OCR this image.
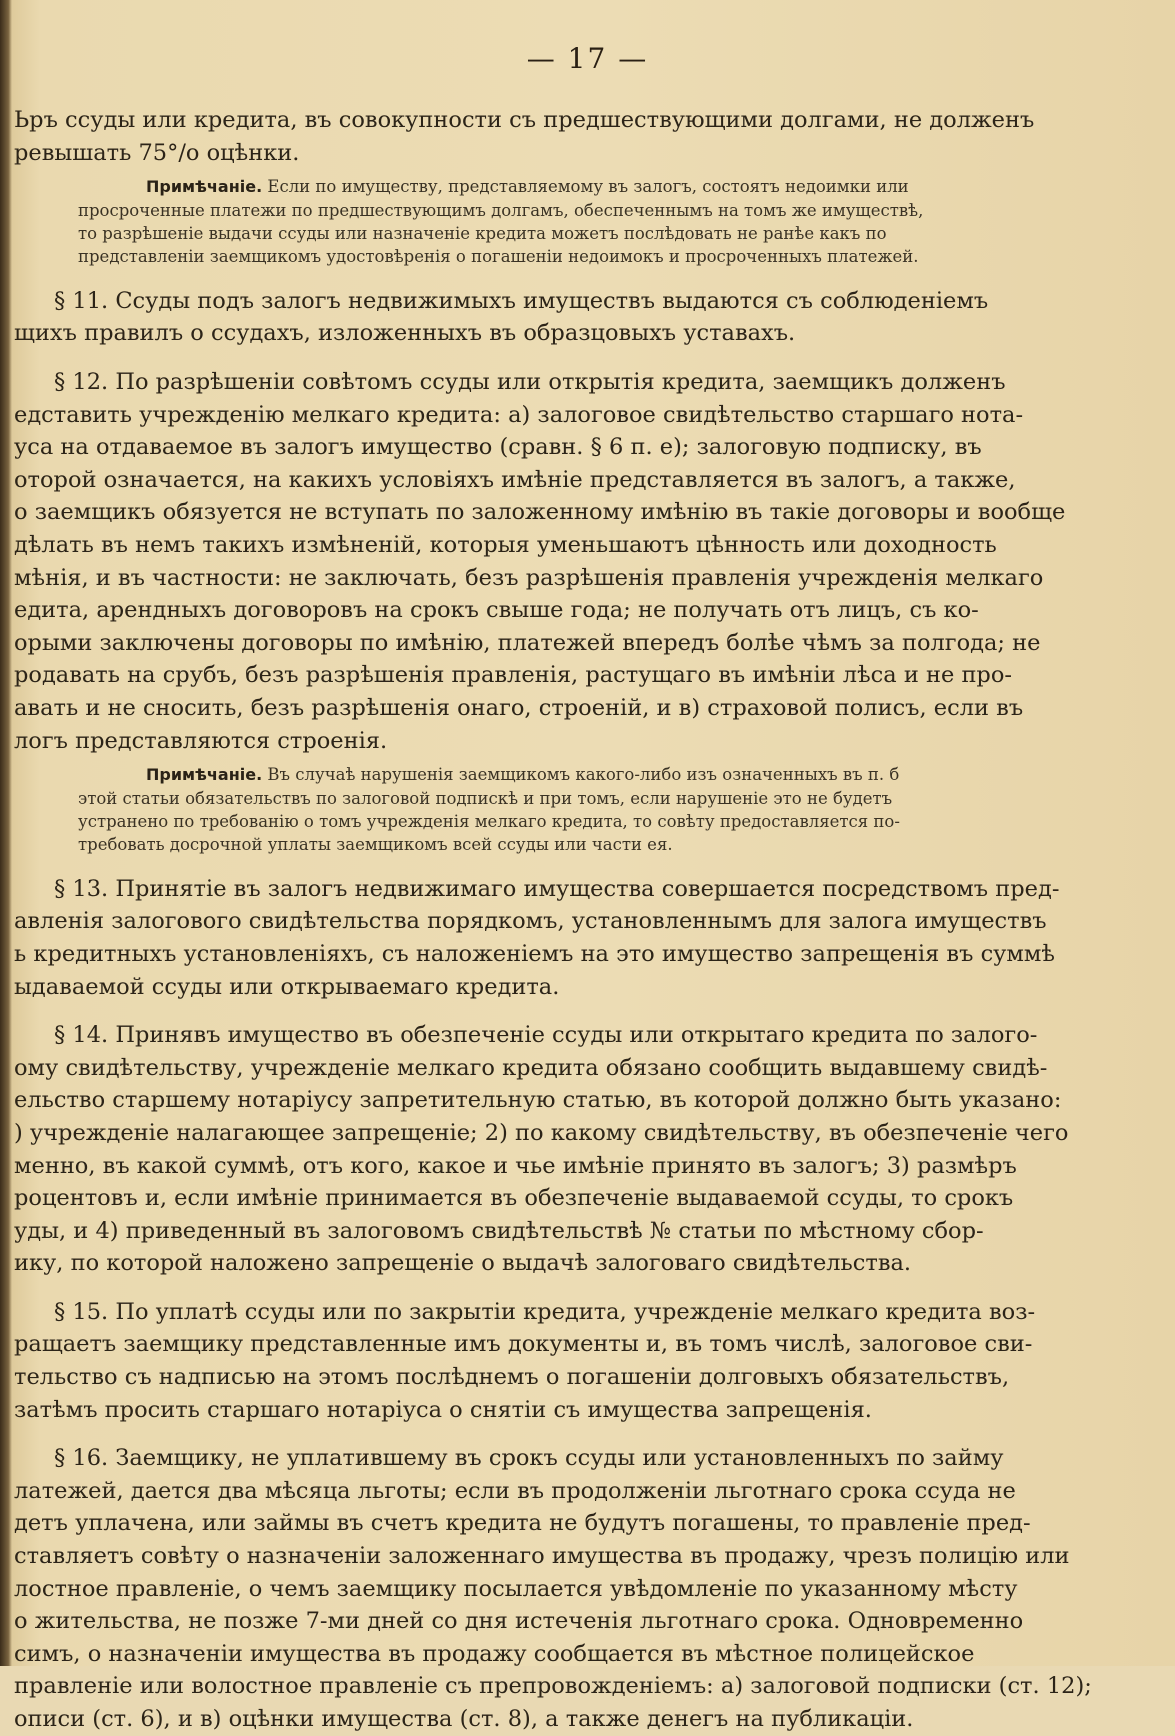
— 17 —
Ьръ ссуды или кредита, въ совокупности съ предшествующими долгами, не долженъ
ревышать 75°/o оцѣнки.
Примѣчаніе. Если по имуществу, представляемому въ залогъ, состоятъ недоимки или
просроченные платежи по предшествующимъ долгамъ, обеспеченнымъ на томъ же имуществѣ,
то разрѣшеніе выдачи ссуды или назначеніе кредита можетъ послѣдовать не ранѣе какъ по
представленіи заемщикомъ удостовѣренія о погашеніи недоимокъ и просроченныхъ платежей.
§ 11. Ссуды подъ залогъ недвижимыхъ имуществъ выдаются съ соблюденіемъ
щихъ правилъ о ссудахъ, изложенныхъ въ образцовыхъ уставахъ.
§ 12. По разрѣшеніи совѣтомъ ссуды или открытія кредита, заемщикъ долженъ
едставить учрежденію мелкаго кредита: а) залоговое свидѣтельство старшаго нота-
уса на отдаваемое въ залогъ имущество (сравн. § 6 п. е); залоговую подписку, въ
оторой означается, на какихъ условіяхъ имѣніе представляется въ залогъ, а также,
о заемщикъ обязуется не вступать по заложенному имѣнію въ такіе договоры и вообще
дѣлать въ немъ такихъ измѣненій, которыя уменьшаютъ цѣнность или доходность
мѣнія, и въ частности: не заключать, безъ разрѣшенія правленія учрежденія мелкаго
едита, арендныхъ договоровъ на срокъ свыше года; не получать отъ лицъ, съ ко-
орыми заключены договоры по имѣнію, платежей впередъ болѣе чѣмъ за полгода; не
родавать на срубъ, безъ разрѣшенія правленія, растущаго въ имѣніи лѣса и не про-
авать и не сносить, безъ разрѣшенія онаго, строеній, и в) страховой полисъ, если въ
логъ представляются строенія.
Примѣчаніе. Въ случаѣ нарушенія заемщикомъ какого-либо изъ означенныхъ въ п. б
этой статьи обязательствъ по залоговой подпискѣ и при томъ, если нарушеніе это не будетъ
устранено по требованію о томъ учрежденія мелкаго кредита, то совѣту предоставляется по-
требовать досрочной уплаты заемщикомъ всей ссуды или части ея.
§ 13. Принятіе въ залогъ недвижимаго имущества совершается посредствомъ пред-
авленія залогового свидѣтельства порядкомъ, установленнымъ для залога имуществъ
ь кредитныхъ установленіяхъ, съ наложеніемъ на это имущество запрещенія въ суммѣ
ыдаваемой ссуды или открываемаго кредита.
§ 14. Принявъ имущество въ обезпеченіе ссуды или открытаго кредита по залого-
ому свидѣтельству, учрежденіе мелкаго кредита обязано сообщить выдавшему свидѣ-
ельство старшему нотаріусу запретительную статью, въ которой должно быть указано:
) учрежденіе налагающее запрещеніе; 2) по какому свидѣтельству, въ обезпеченіе чего
менно, въ какой суммѣ, отъ кого, какое и чье имѣніе принято въ залогъ; 3) размѣръ
роцентовъ и, если имѣніе принимается въ обезпеченіе выдаваемой ссуды, то срокъ
уды, и 4) приведенный въ залоговомъ свидѣтельствѣ № статьи по мѣстному сбор-
ику, по которой наложено запрещеніе о выдачѣ залоговаго свидѣтельства.
§ 15. По уплатѣ ссуды или по закрытіи кредита, учрежденіе мелкаго кредита воз-
ращаетъ заемщику представленные имъ документы и, въ томъ числѣ, залоговое сви-
тельство съ надписью на этомъ послѣднемъ о погашеніи долговыхъ обязательствъ,
затѣмъ просить старшаго нотаріуса о снятіи съ имущества запрещенія.
§ 16. Заемщику, не уплатившему въ срокъ ссуды или установленныхъ по займу
латежей, дается два мѣсяца льготы; если въ продолженіи льготнаго срока ссуда не
детъ уплачена, или займы въ счетъ кредита не будутъ погашены, то правленіе пред-
ставляетъ совѣту о назначеніи заложеннаго имущества въ продажу, чрезъ полицію или
лостное правленіе, о чемъ заемщику посылается увѣдомленіе по указанному мѣсту
о жительства, не позже 7-ми дней со дня истеченія льготнаго срока. Одновременно
симъ, о назначеніи имущества въ продажу сообщается въ мѣстное полицейское
правленіе или волостное правленіе съ препровожденіемъ: а) залоговой подписки (ст. 12);
описи (ст. 6), и в) оцѣнки имущества (ст. 8), а также денегъ на публикаціи.
